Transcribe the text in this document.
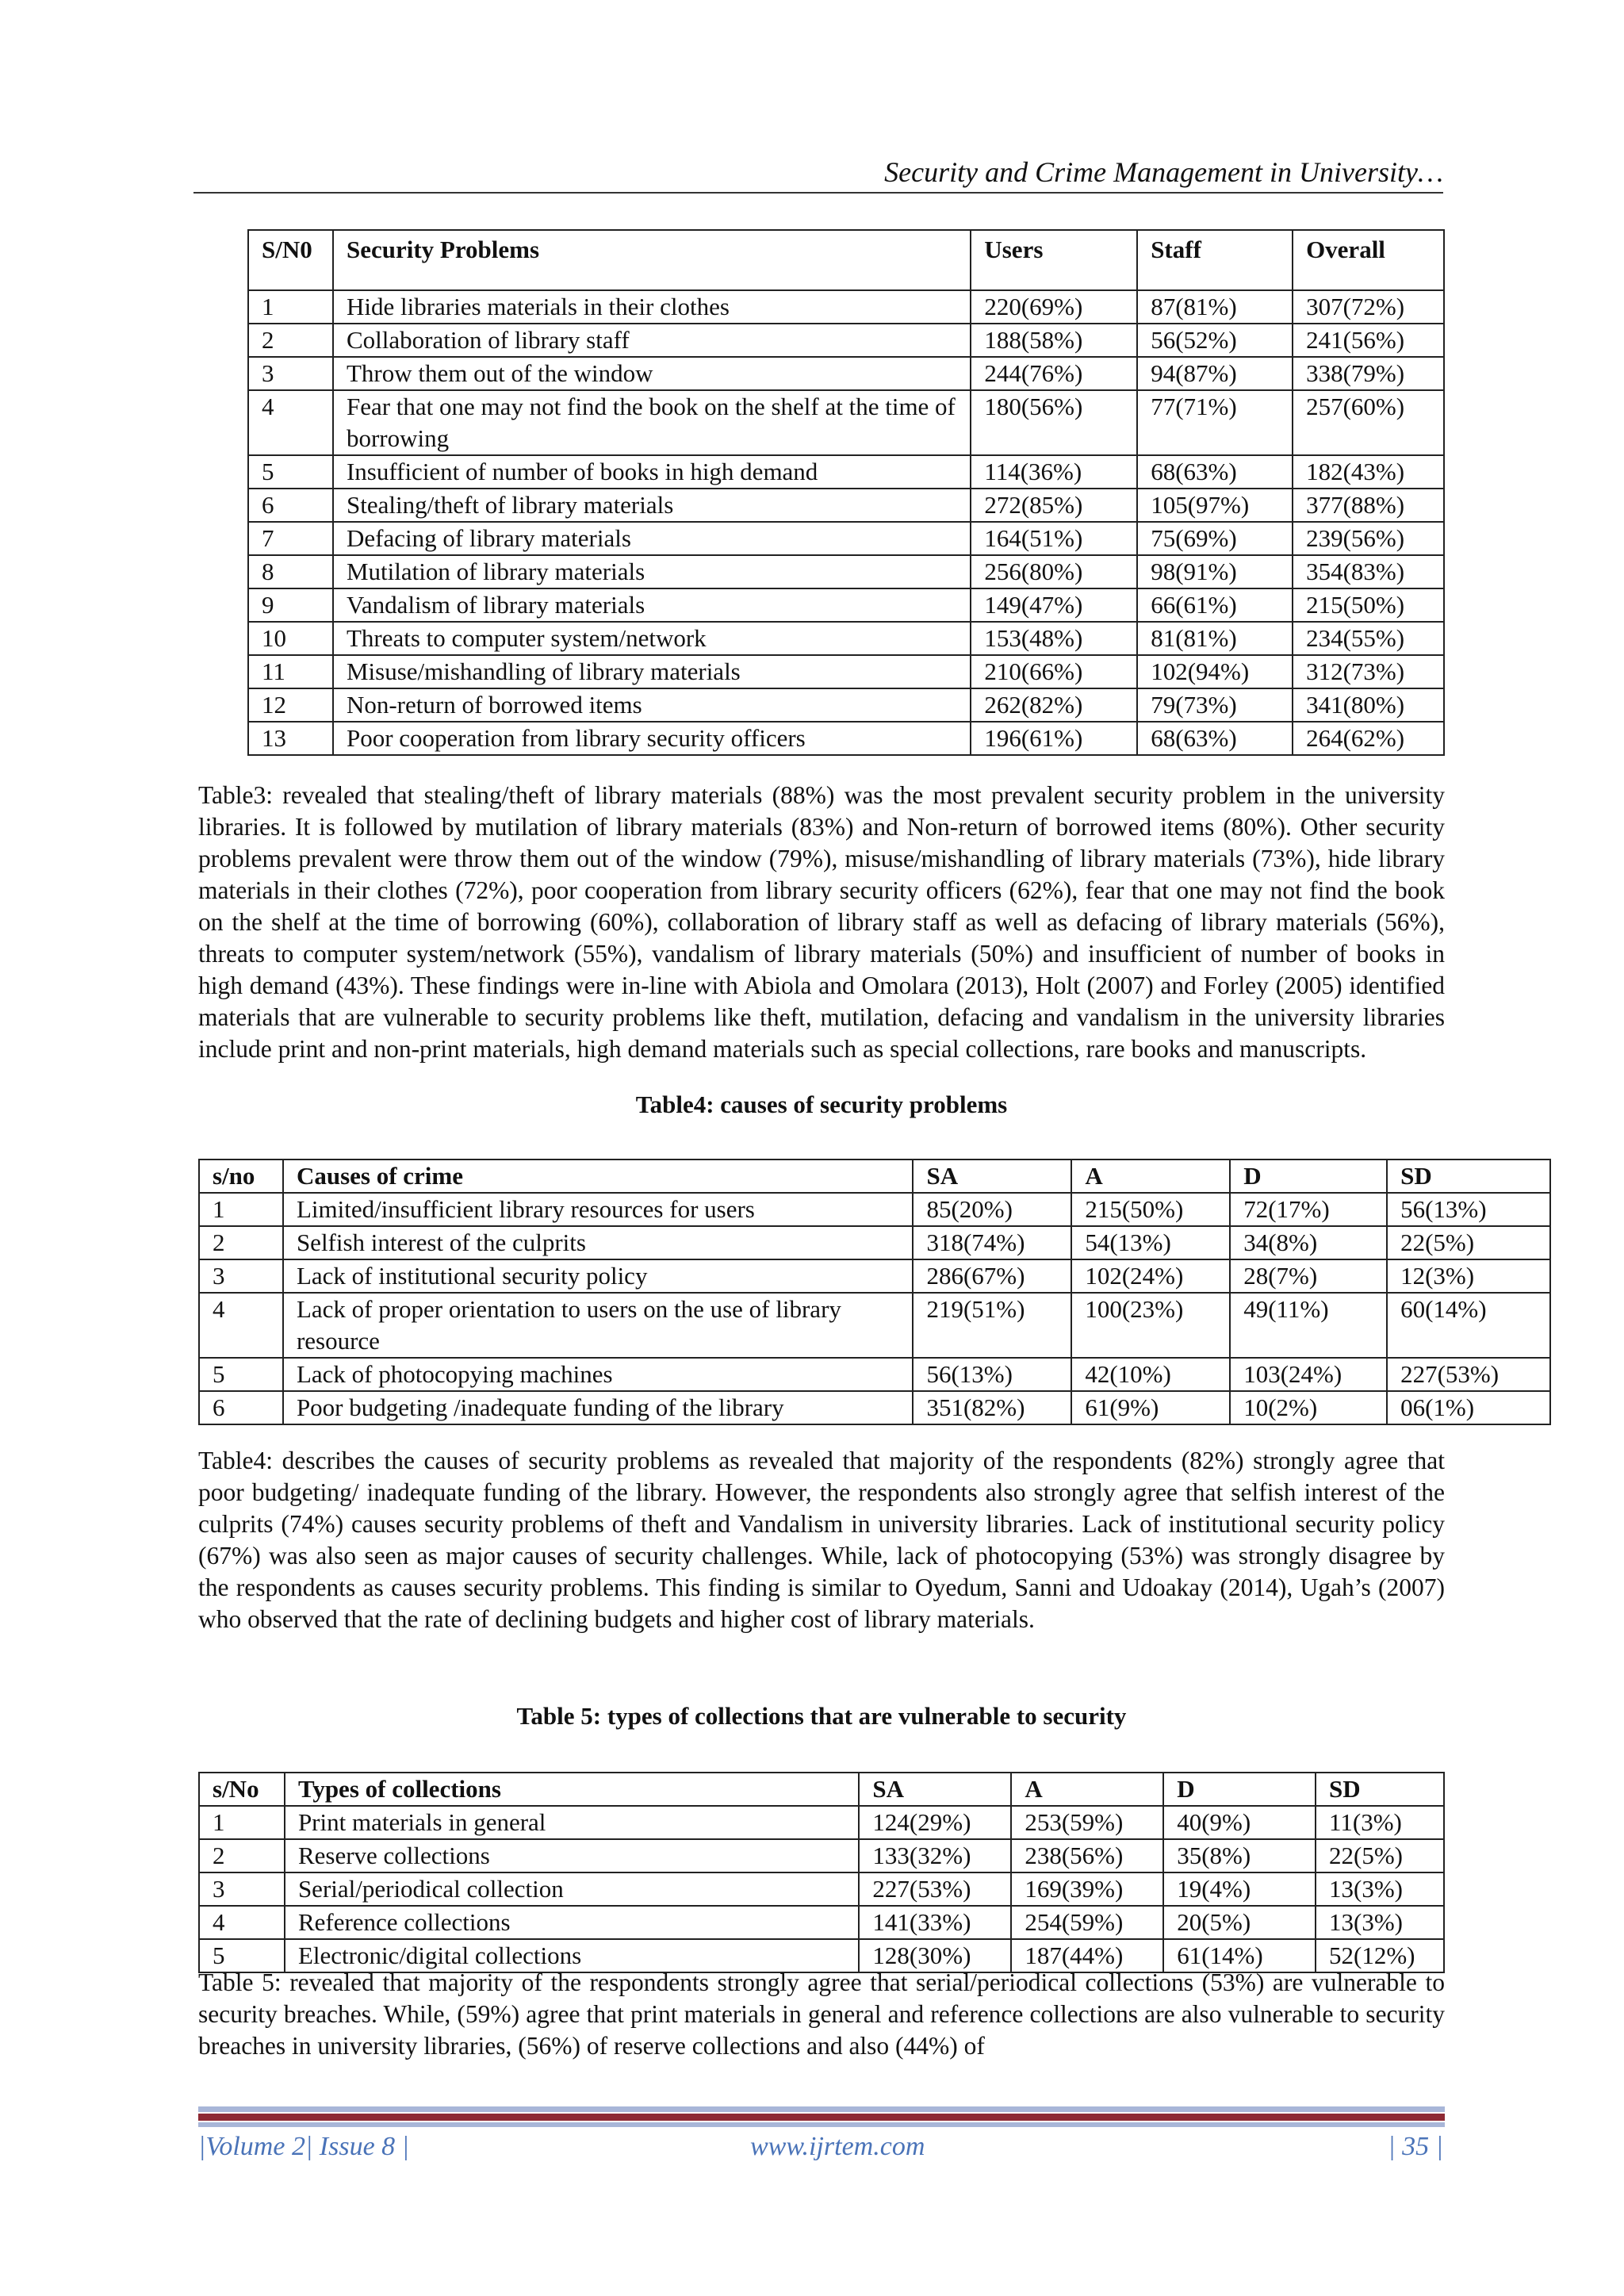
Security and Crime Management in University…
S/N0	Security Problems	Users	Staff	Overall
1	Hide libraries materials in their clothes	220(69%)	87(81%)	307(72%)
2	Collaboration of library staff	188(58%)	56(52%)	241(56%)
3	Throw them out of the window	244(76%)	94(87%)	338(79%)
4	Fear that one may not find the book on the shelf at the time of borrowing	180(56%)	77(71%)	257(60%)
5	Insufficient of number of books in high demand	114(36%)	68(63%)	182(43%)
6	Stealing/theft of library materials	272(85%)	105(97%)	377(88%)
7	Defacing of library materials	164(51%)	75(69%)	239(56%)
8	Mutilation of library materials	256(80%)	98(91%)	354(83%)
9	Vandalism of library materials	149(47%)	66(61%)	215(50%)
10	Threats to computer system/network	153(48%)	81(81%)	234(55%)
11	Misuse/mishandling of library materials	210(66%)	102(94%)	312(73%)
12	Non-return of borrowed items	262(82%)	79(73%)	341(80%)
13	Poor cooperation from library security officers	196(61%)	68(63%)	264(62%)
Table3: revealed that stealing/theft of library materials (88%) was the most prevalent security problem in the university libraries. It is followed by mutilation of library materials (83%) and Non-return of borrowed items (80%). Other security problems prevalent were throw them out of the window (79%), misuse/mishandling of library materials (73%), hide library materials in their clothes (72%), poor cooperation from library security officers (62%), fear that one may not find the book on the shelf at the time of borrowing (60%), collaboration of library staff as well as defacing of library materials (56%), threats to computer system/network (55%), vandalism of library materials (50%) and insufficient of number of books in high demand (43%). These findings were in-line with Abiola and Omolara (2013), Holt (2007) and Forley (2005) identified materials that are vulnerable to security problems like theft, mutilation, defacing and vandalism in the university libraries include print and non-print materials, high demand materials such as special collections, rare books and manuscripts.
Table4: causes of security problems
s/no	Causes of crime	SA	A	D	SD
1	Limited/insufficient library resources for users	85(20%)	215(50%)	72(17%)	56(13%)
2	Selfish interest of the culprits	318(74%)	54(13%)	34(8%)	22(5%)
3	Lack of institutional security policy	286(67%)	102(24%)	28(7%)	12(3%)
4	Lack of proper orientation to users on the use of library resource	219(51%)	100(23%)	49(11%)	60(14%)
5	Lack of photocopying machines	56(13%)	42(10%)	103(24%)	227(53%)
6	Poor budgeting /inadequate funding of the library	351(82%)	61(9%)	10(2%)	06(1%)
Table4: describes the causes of security problems as revealed that majority of the respondents (82%) strongly agree that poor budgeting/ inadequate funding of the library. However, the respondents also strongly agree that selfish interest of the culprits (74%) causes security problems of theft and Vandalism in university libraries. Lack of institutional security policy (67%) was also seen as major causes of security challenges. While, lack of photocopying (53%) was strongly disagree by the respondents as causes security problems. This finding is similar to Oyedum, Sanni and Udoakay (2014), Ugah’s (2007) who observed that the rate of declining budgets and higher cost of library materials.
Table 5: types of collections that are vulnerable to security
s/No	Types of collections	SA	A	D	SD
1	Print materials in general	124(29%)	253(59%)	40(9%)	11(3%)
2	Reserve collections	133(32%)	238(56%)	35(8%)	22(5%)
3	Serial/periodical collection	227(53%)	169(39%)	19(4%)	13(3%)
4	Reference collections	141(33%)	254(59%)	20(5%)	13(3%)
5	Electronic/digital collections	128(30%)	187(44%)	61(14%)	52(12%)
Table 5: revealed that majority of the respondents strongly agree that serial/periodical collections (53%) are vulnerable to security breaches. While, (59%) agree that print materials in general and reference collections are also vulnerable to security breaches in university libraries, (56%) of reserve collections and also (44%) of
|Volume 2| Issue 8 |	www.ijrtem.com	| 35 |
